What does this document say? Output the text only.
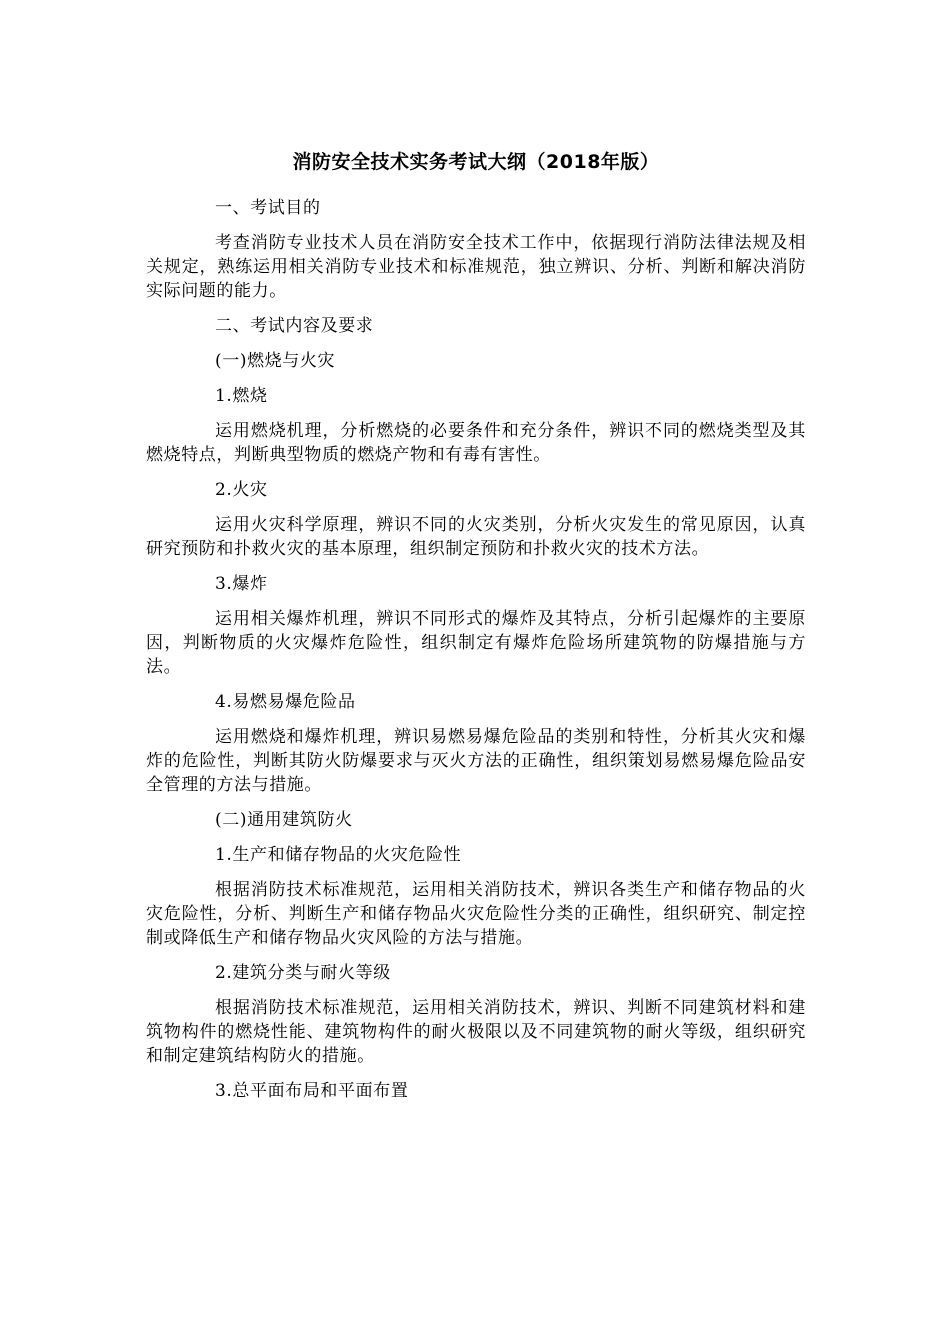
消防安全技术实务考试大纲（2018年版）
一、考试目的
考查消防专业技术人员在消防安全技术工作中，依据现行消防法律法规及相关规定，熟练运用相关消防专业技术和标准规范，独立辨识、分析、判断和解决消防实际问题的能力。
二、考试内容及要求
(一)燃烧与火灾
1.燃烧
运用燃烧机理，分析燃烧的必要条件和充分条件，辨识不同的燃烧类型及其燃烧特点，判断典型物质的燃烧产物和有毒有害性。
2.火灾
运用火灾科学原理，辨识不同的火灾类别，分析火灾发生的常见原因，认真研究预防和扑救火灾的基本原理，组织制定预防和扑救火灾的技术方法。
3.爆炸
运用相关爆炸机理，辨识不同形式的爆炸及其特点，分析引起爆炸的主要原因，判断物质的火灾爆炸危险性，组织制定有爆炸危险场所建筑物的防爆措施与方法。
4.易燃易爆危险品
运用燃烧和爆炸机理，辨识易燃易爆危险品的类别和特性，分析其火灾和爆炸的危险性，判断其防火防爆要求与灭火方法的正确性，组织策划易燃易爆危险品安全管理的方法与措施。
(二)通用建筑防火
1.生产和储存物品的火灾危险性
根据消防技术标准规范，运用相关消防技术，辨识各类生产和储存物品的火灾危险性，分析、判断生产和储存物品火灾危险性分类的正确性，组织研究、制定控制或降低生产和储存物品火灾风险的方法与措施。
2.建筑分类与耐火等级
根据消防技术标准规范，运用相关消防技术，辨识、判断不同建筑材料和建筑物构件的燃烧性能、建筑物构件的耐火极限以及不同建筑物的耐火等级，组织研究和制定建筑结构防火的措施。
3.总平面布局和平面布置
